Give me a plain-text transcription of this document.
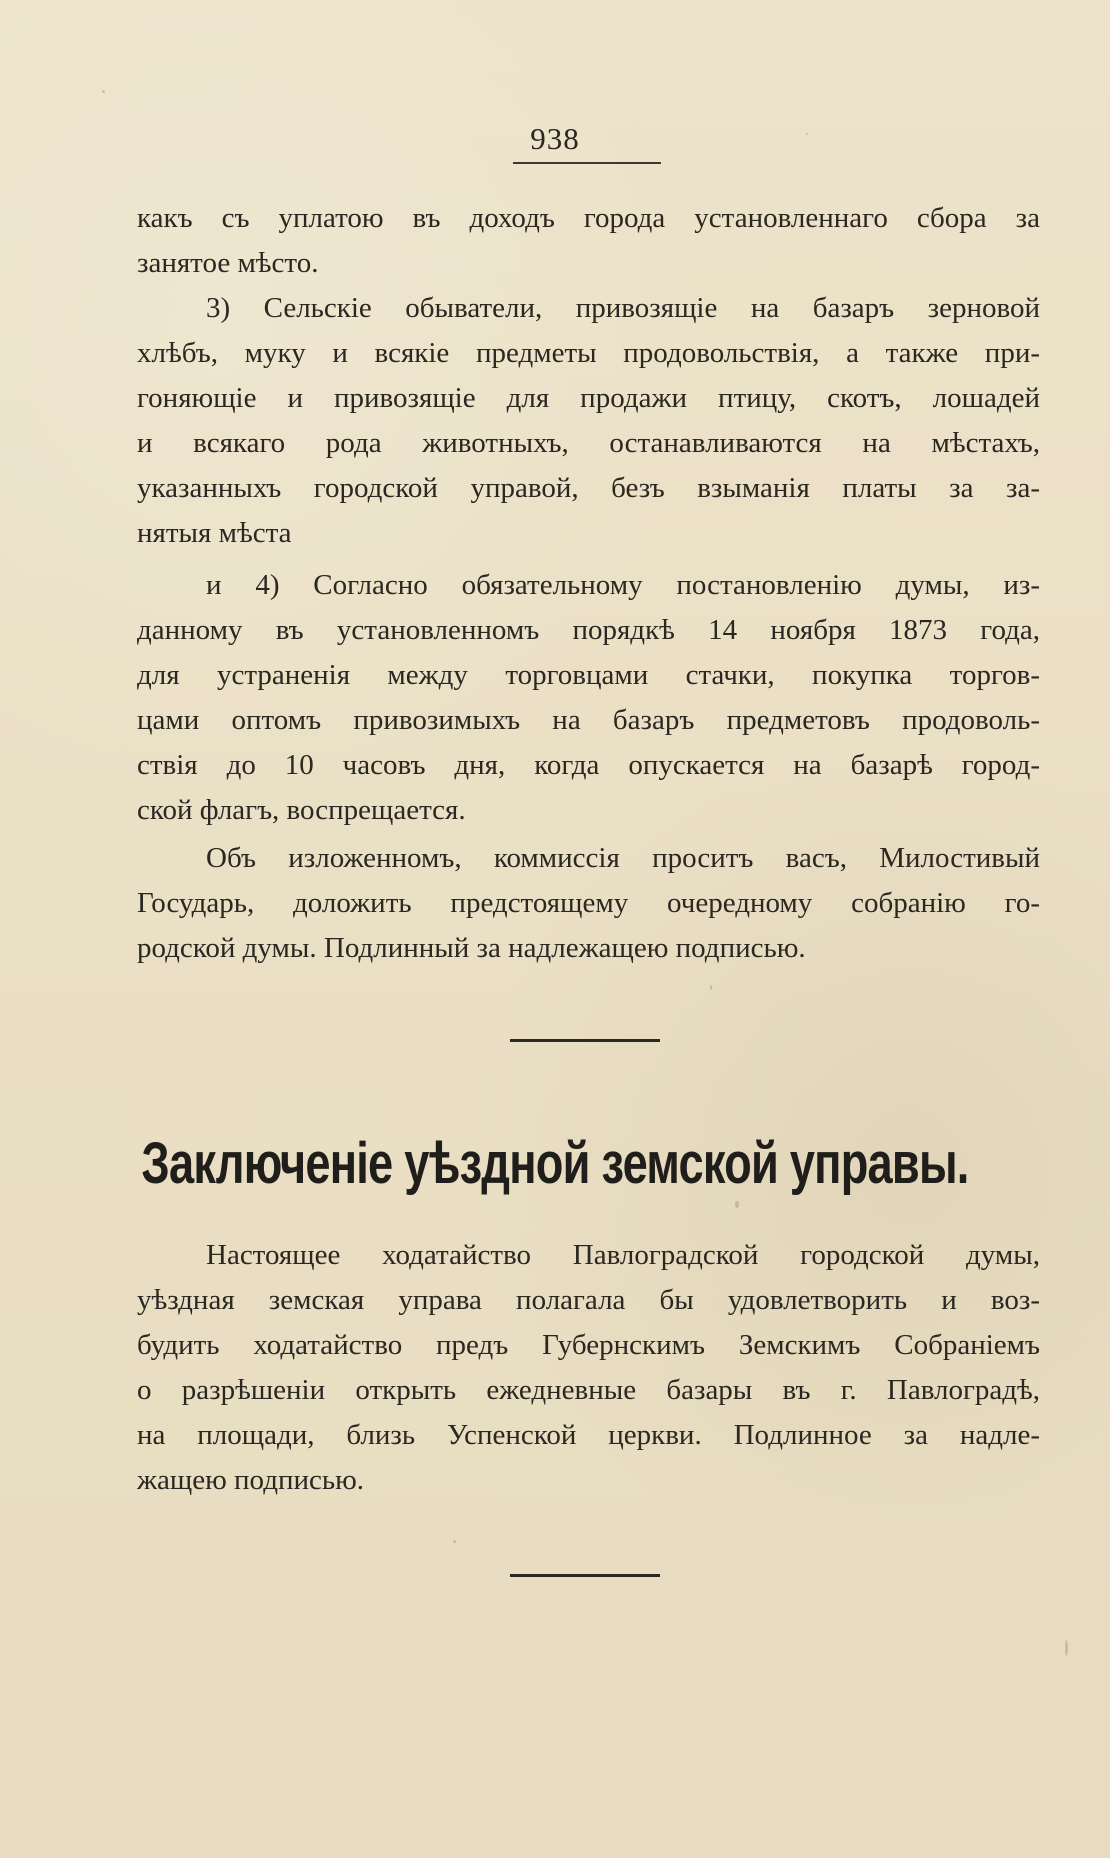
938
какъ съ уплатою въ доходъ города установленнаго сбора за
занятое мѣсто.
3) Сельскіе обыватели, привозящіе на базаръ зерновой
хлѣбъ, муку и всякіе предметы продовольствія, а также при-
гоняющіе и привозящіе для продажи птицу, скотъ, лошадей
и всякаго рода животныхъ, останавливаются на мѣстахъ,
указанныхъ городской управой, безъ взыманія платы за за-
нятыя мѣста
и 4) Согласно обязательному постановленію думы, из-
данному въ установленномъ порядкѣ 14 ноября 1873 года,
для устраненія между торговцами стачки, покупка торгов-
цами оптомъ привозимыхъ на базаръ предметовъ продоволь-
ствія до 10 часовъ дня, когда опускается на базарѣ город-
ской флагъ, воспрещается.
Объ изложенномъ, коммиссія проситъ васъ, Милостивый
Государь, доложить предстоящему очередному собранію го-
родской думы. Подлинный за надлежащею подписью.
Заключеніе уѣздной земской управы.
Настоящее ходатайство Павлоградской городской думы,
уѣздная земская управа полагала бы удовлетворить и воз-
будить ходатайство предъ Губернскимъ Земскимъ Собраніемъ
о разрѣшеніи открыть ежедневные базары въ г. Павлоградѣ,
на площади, близь Успенской церкви. Подлинное за надле-
жащею подписью.
